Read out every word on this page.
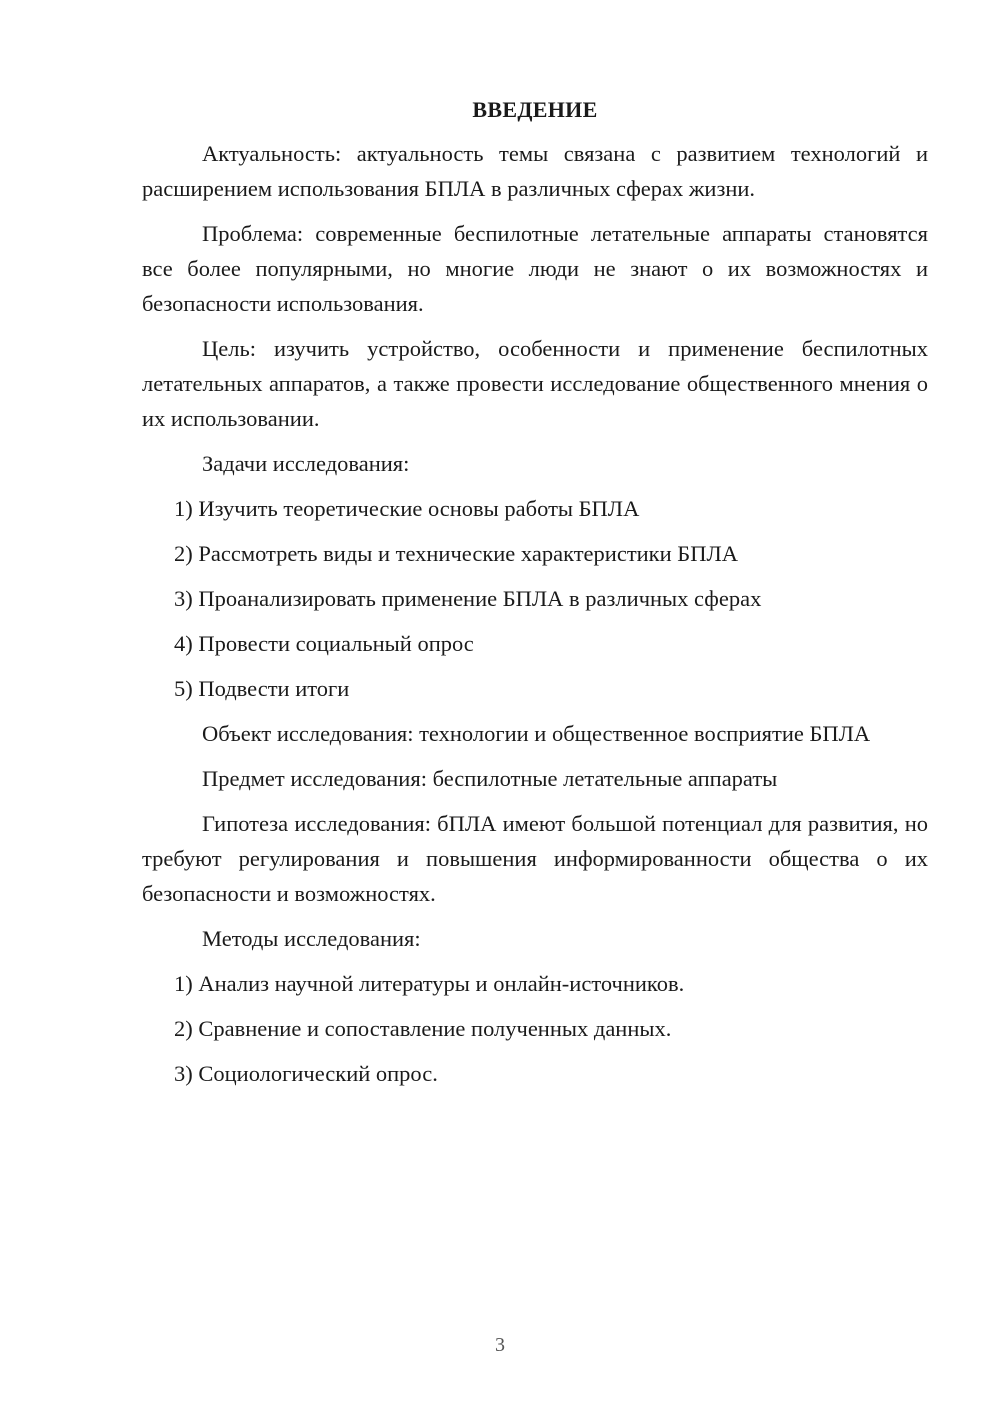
ВВЕДЕНИЕ

Актуальность: актуальность темы связана с развитием технологий и расширением использования БПЛА в различных сферах жизни.

Проблема: современные беспилотные летательные аппараты становятся все более популярными, но многие люди не знают о их возможностях и безопасности использования.

Цель: изучить устройство, особенности и применение беспилотных летательных аппаратов, а также провести исследование общественного мнения о их использовании.

Задачи исследования:

1) Изучить теоретические основы работы БПЛА
2) Рассмотреть виды и технические характеристики БПЛА
3) Проанализировать применение БПЛА в различных сферах
4) Провести социальный опрос
5) Подвести итоги

Объект исследования: технологии и общественное восприятие БПЛА

Предмет исследования: беспилотные летательные аппараты

Гипотеза исследования: бПЛА имеют большой потенциал для развития, но требуют регулирования и повышения информированности общества о их безопасности и возможностях.

Методы исследования:

1) Анализ научной литературы и онлайн-источников.
2) Сравнение и сопоставление полученных данных.
3) Социологический опрос.
3
